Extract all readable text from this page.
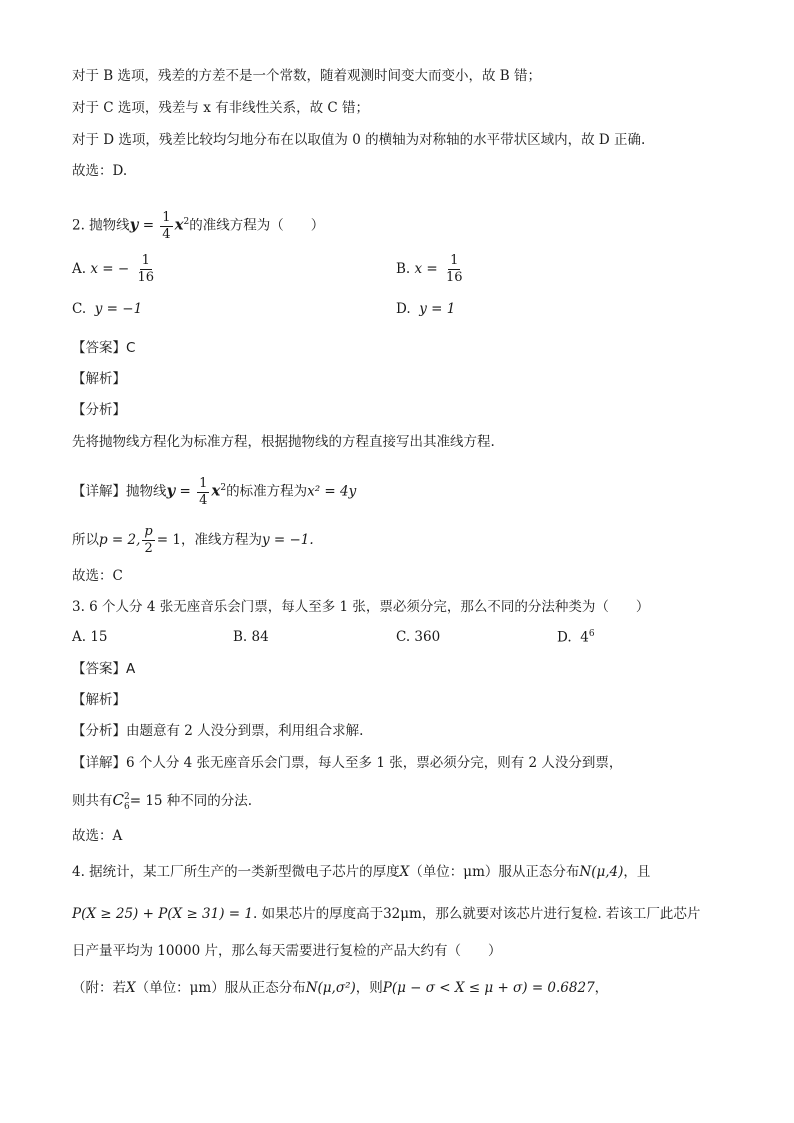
对于 B 选项，残差的方差不是一个常数，随着观测时间变大而变小，故 B 错；
对于 C 选项，残差与 x 有非线性关系，故 C 错；
对于 D 选项，残差比较均匀地分布在以取值为 0 的横轴为对称轴的水平带状区域内，故 D 正确.
故选：D.
2. 抛物线$y = \frac{1}{4} x^2$的准线方程为（　　）
A. x = − $\frac{1}{16}$	B. $x = \frac{1}{16}$
C. y = −1	D. y = 1
【答案】C
【解析】
【分析】
先将抛物线方程化为标准方程，根据抛物线的方程直接写出其准线方程.
【详解】抛物线$y = \frac{1}{4} x^2$的标准方程为x² = 4y
所以p = 2, $\frac{p}{2} = 1$，准线方程为y = −1.
故选：C
3. 6 个人分 4 张无座音乐会门票，每人至多 1 张，票必须分完，那么不同的分法种类为（　　）
A. 15	B. 84	C. 360	D. $4^6$
【答案】A
【解析】
【分析】由题意有 2 人没分到票，利用组合求解.
【详解】6 个人分 4 张无座音乐会门票，每人至多 1 张，票必须分完，则有 2 人没分到票，
则共有C 2
6 = 15 种不同的分法.
故选：A
4. 据统计，某工厂所生产的一类新型微电子芯片的厚度X（单位：μm）服从正态分布N(μ,4)，且
P(X ≥ 25) + P(X ≥ 31) = 1. 如果芯片的厚度高于32μm，那么就要对该芯片进行复检. 若该工厂此芯片
日产量平均为 10000 片，那么每天需要进行复检的产品大约有（　　）
（附：若X（单位：μm）服从正态分布N(μ,σ²)，则P(μ − σ < X ≤ μ + σ) = 0.6827，
